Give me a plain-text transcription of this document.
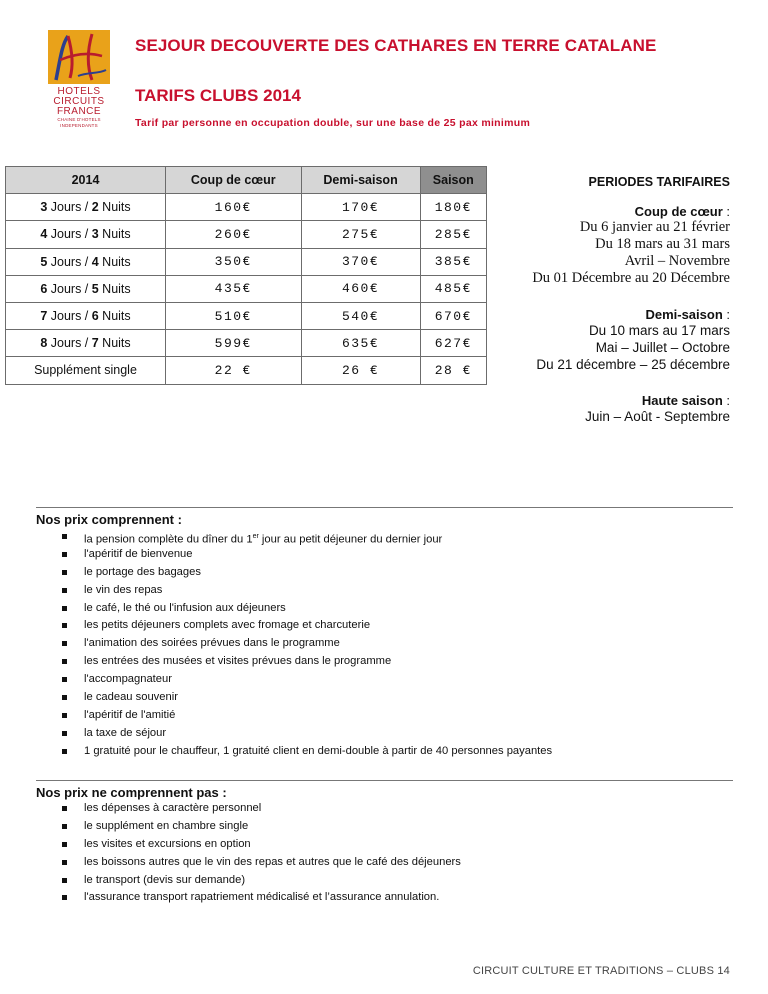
HOTELS
CIRCUITS
FRANCE
CHAINE D'HOTELS
INDEPENDANTS
SEJOUR DECOUVERTE DES CATHARES EN TERRE CATALANE
TARIFS CLUBS 2014
Tarif par personne en occupation double, sur une base de 25 pax minimum
2014	Coup de cœur	Demi-saison	Saison
3 Jours / 2 Nuits	160€	170€	180€
4 Jours / 3 Nuits	260€	275€	285€
5 Jours / 4 Nuits	350€	370€	385€
6 Jours / 5 Nuits	435€	460€	485€
7 Jours / 6 Nuits	510€	540€	670€
8 Jours / 7 Nuits	599€	635€	627€
Supplément single	22 €	26 €	28 €
PERIODES TARIFAIRES
Coup de cœur :
Du 6 janvier au 21 février
Du 18 mars au 31 mars
Avril – Novembre
Du 01 Décembre au 20 Décembre
Demi-saison :
Du 10 mars au 17 mars
Mai – Juillet – Octobre
Du 21 décembre – 25 décembre
Haute saison :
Juin – Août - Septembre
Nos prix comprennent :
la pension complète du dîner du 1er jour au petit déjeuner du dernier jour
l'apéritif de bienvenue
le portage des bagages
le vin des repas
le café, le thé ou l'infusion aux déjeuners
les petits déjeuners complets avec fromage et charcuterie
l'animation des soirées prévues dans le programme
les entrées des musées et visites prévues dans le programme
l'accompagnateur
le cadeau souvenir
l'apéritif de l'amitié
la taxe de séjour
1 gratuité pour le chauffeur, 1 gratuité client en demi-double à partir de 40 personnes payantes
Nos prix ne comprennent pas :
les dépenses à caractère personnel
le supplément en chambre single
les visites et excursions en option
les boissons autres que le vin des repas et autres que le café des déjeuners
le transport (devis sur demande)
l'assurance transport rapatriement médicalisé et l’assurance annulation.
CIRCUIT CULTURE ET TRADITIONS – CLUBS 14
